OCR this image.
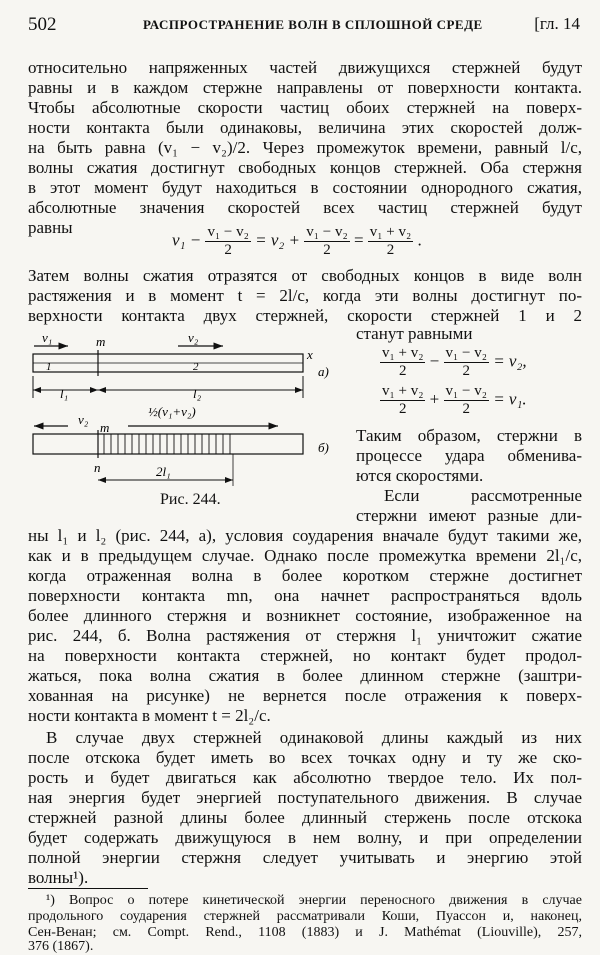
502	РАСПРОСТРАНЕНИЕ ВОЛН В СПЛОШНОЙ СРЕДЕ	[гл. 14
относительно напряженных частей движущихся стержней будут
равны и в каждом стержне направлены от поверхности контакта.
Чтобы абсолютные скорости частиц обоих стержней на поверх-
ности контакта были одинаковы, величина этих скоростей долж-
на быть равна (v₁ − v₂)/2. Через промежуток времени, равный l/c,
волны сжатия достигнут свободных концов стержней. Оба стержня
в этот момент будут находиться в состоянии однородного сжатия,
абсолютные значения скоростей всех частиц стержней будут
равны
$v_1 - \frac{\text{v₁ − v₂}}{2} = v_2 + \frac{\text{v₁ − v₂}}{2} = \frac{\text{v₁ + v₂}}{2}$ .
Затем волны сжатия отразятся от свободных концов в виде волн
растяжения и в момент t = 2l/c, когда эти волны достигнут по-
верхности контакта двух стержней, скорости стержней 1 и 2
станут равными
$\frac{\text{v₁ + v₂}}{2} - \frac{\text{v₁ − v₂}}{2} = v_2$,
$\frac{\text{v₁ + v₂}}{2} + \frac{\text{v₁ − v₂}}{2} = v_1$.
Таким образом, стержни в
процессе удара обменива-
ются скоростями.
Если рассмотренные
стержни имеют разные дли-
v₁	v₂
m
1	2
x
l₁	l₂
а)
v₂
½(v₁+v₂)
m
n	2l₁
б)
Рис. 244.
ны l₁ и l₂ (рис. 244, а), условия соударения вначале будут такими же,
как и в предыдущем случае. Однако после промежутка времени 2l₁/c,
когда отраженная волна в более коротком стержне достигнет
поверхности контакта mn, она начнет распространяться вдоль
более длинного стержня и возникнет состояние, изображенное на
рис. 244, б. Волна растяжения от стержня l₁ уничтожит сжатие
на поверхности контакта стержней, но контакт будет продол-
жаться, пока волна сжатия в более длинном стержне (заштри-
хованная на рисунке) не вернется после отражения к поверх-
ности контакта в момент t = 2l₂/c.
В случае двух стержней одинаковой длины каждый из них
после отскока будет иметь во всех точках одну и ту же ско-
рость и будет двигаться как абсолютно твердое тело. Их пол-
ная энергия будет энергией поступательного движения. В случае
стержней разной длины более длинный стержень после отскока
будет содержать движущуюся в нем волну, и при определении
полной энергии стержня следует учитывать и энергию этой
волны¹).
¹) Вопрос о потере кинетической энергии переносного движения в случае
продольного соударения стержней рассматривали Коши, Пуассон и, наконец,
Сен-Венан; см. Compt. Rend., 1108 (1883) и J. Mathémat (Liouville), 257,
376 (1867).
